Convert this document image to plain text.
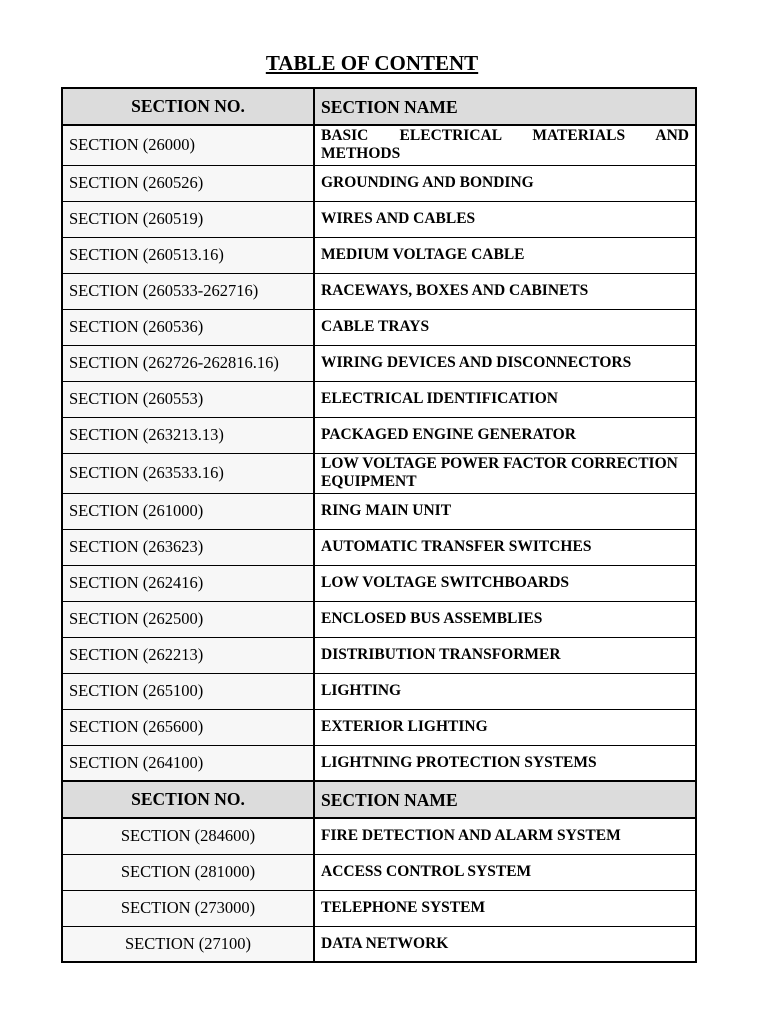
TABLE OF CONTENT
SECTION NO.	SECTION NAME
SECTION (26000)	BASIC ELECTRICAL MATERIALS AND METHODS
SECTION (260526)	GROUNDING AND BONDING
SECTION (260519)	WIRES AND CABLES
SECTION (260513.16)	MEDIUM VOLTAGE CABLE
SECTION (260533-262716)	RACEWAYS, BOXES AND CABINETS
SECTION (260536)	CABLE TRAYS
SECTION (262726-262816.16)	WIRING DEVICES AND DISCONNECTORS
SECTION (260553)	ELECTRICAL IDENTIFICATION
SECTION (263213.13)	PACKAGED ENGINE GENERATOR
SECTION (263533.16)	LOW VOLTAGE POWER FACTOR CORRECTION EQUIPMENT
SECTION (261000)	RING MAIN UNIT
SECTION (263623)	AUTOMATIC TRANSFER SWITCHES
SECTION (262416)	LOW VOLTAGE SWITCHBOARDS
SECTION (262500)	ENCLOSED BUS ASSEMBLIES
SECTION (262213)	DISTRIBUTION TRANSFORMER
SECTION (265100)	LIGHTING
SECTION (265600)	EXTERIOR LIGHTING
SECTION (264100)	LIGHTNING PROTECTION SYSTEMS
SECTION NO.	SECTION NAME
SECTION (284600)	FIRE DETECTION AND ALARM SYSTEM
SECTION (281000)	ACCESS CONTROL SYSTEM
SECTION (273000)	TELEPHONE SYSTEM
SECTION (27100)	DATA NETWORK
